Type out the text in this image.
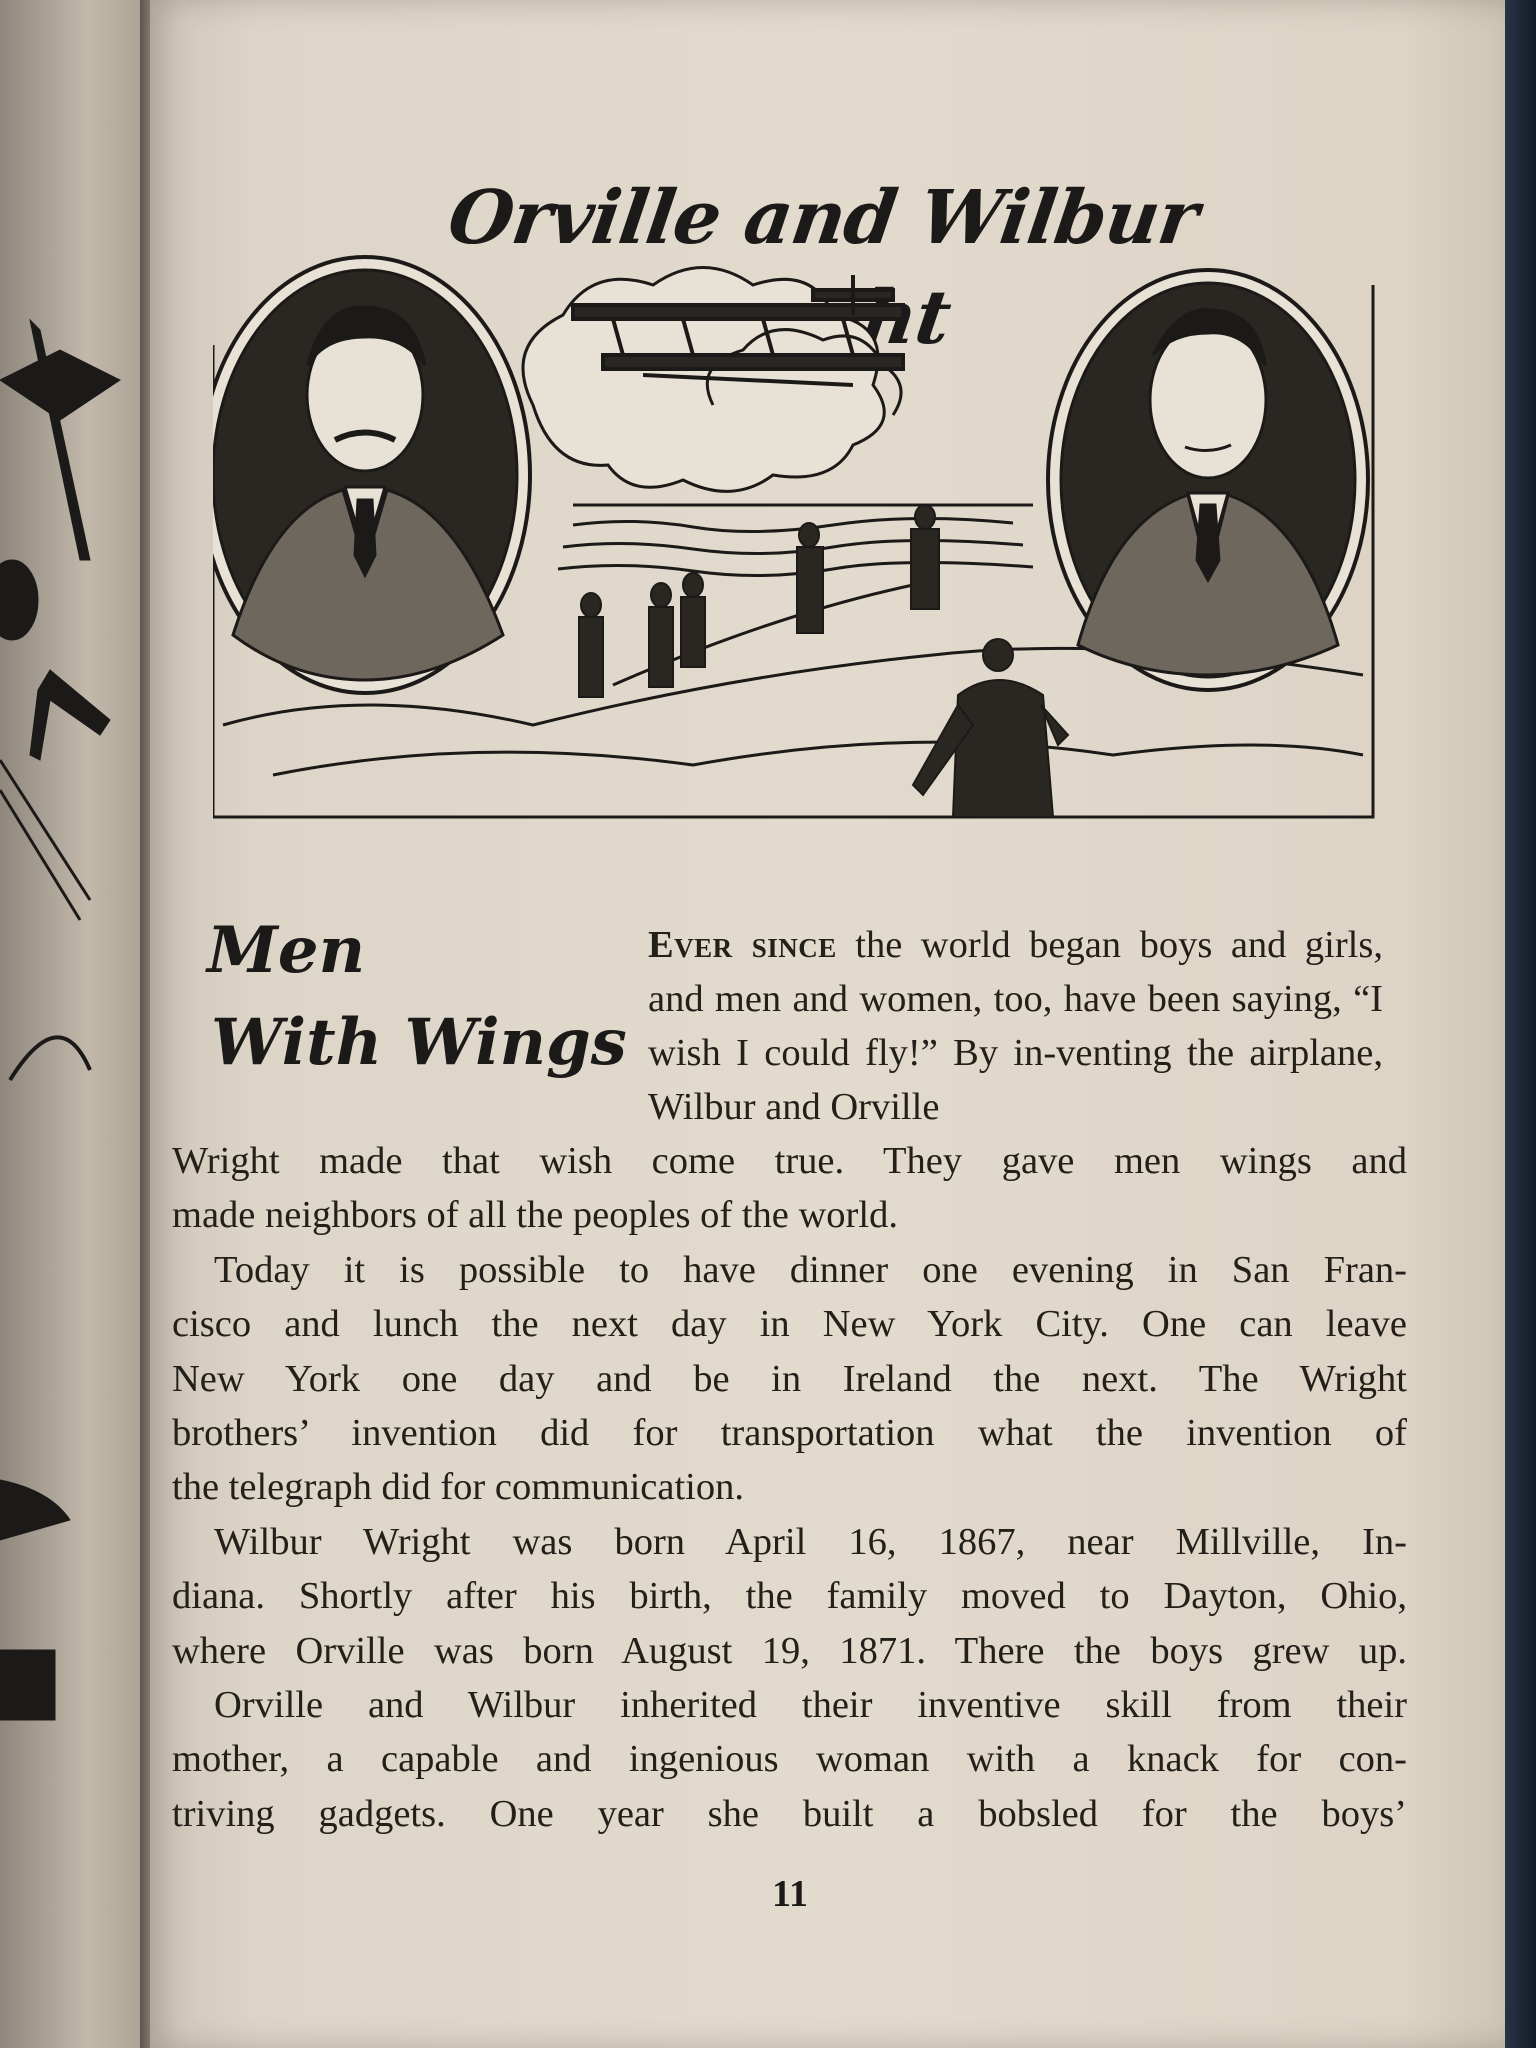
Orville and Wilbur
Men
With Wings

Ever since the world began boys and girls, and men and women, too, have been saying, “I wish I could fly!” By in-venting the airplane, Wilbur and Orville

Wright made that wish come true. They gave men wings and

made neighbors of all the peoples of the world.

Today it is possible to have dinner one evening in San Fran-

cisco and lunch the next day in New York City. One can leave

New York one day and be in Ireland the next. The Wright

brothers’ invention did for transportation what the invention of

the telegraph did for communication.

Wilbur Wright was born April 16, 1867, near Millville, In-

diana. Shortly after his birth, the family moved to Dayton, Ohio,

where Orville was born August 19, 1871. There the boys grew up.

Orville and Wilbur inherited their inventive skill from their

mother, a capable and ingenious woman with a knack for con-

triving gadgets. One year she built a bobsled for the boys’

11
